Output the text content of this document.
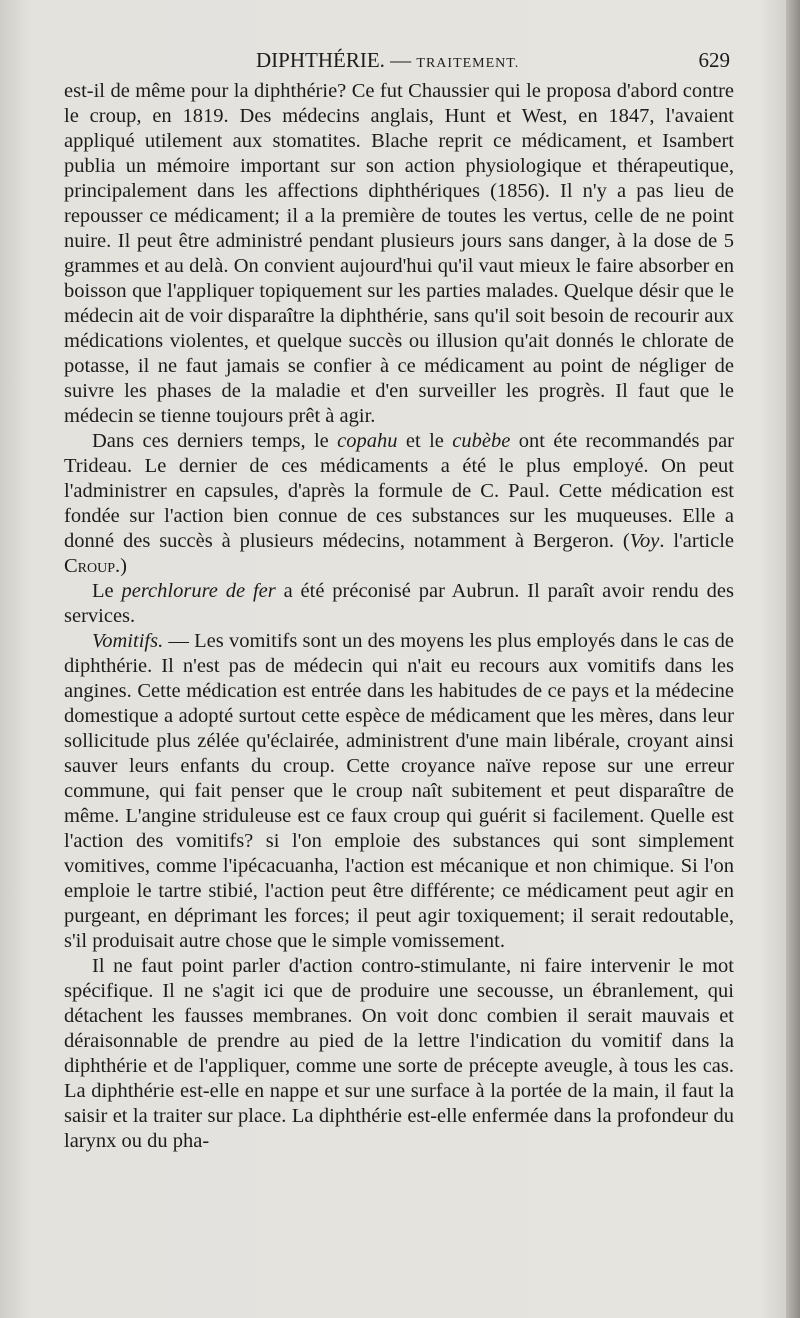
DIPHTHÉRIE. — TRAITEMENT.	629

est-il de même pour la diphthérie? Ce fut Chaussier qui le proposa d'abord contre le croup, en 1819. Des médecins anglais, Hunt et West, en 1847, l'avaient appliqué utilement aux stomatites. Blache reprit ce médicament, et Isambert publia un mémoire important sur son action physiologique et thérapeutique, principalement dans les affections diphthériques (1856). Il n'y a pas lieu de repousser ce médicament; il a la première de toutes les vertus, celle de ne point nuire. Il peut être administré pendant plusieurs jours sans danger, à la dose de 5 grammes et au delà. On convient aujourd'hui qu'il vaut mieux le faire absorber en boisson que l'appliquer topiquement sur les parties malades. Quelque désir que le médecin ait de voir disparaître la diphthérie, sans qu'il soit besoin de recourir aux médications violentes, et quelque succès ou illusion qu'ait donnés le chlorate de potasse, il ne faut jamais se confier à ce médicament au point de négliger de suivre les phases de la maladie et d'en surveiller les progrès. Il faut que le médecin se tienne toujours prêt à agir.

Dans ces derniers temps, le copahu et le cubèbe ont éte recommandés par Trideau. Le dernier de ces médicaments a été le plus employé. On peut l'administrer en capsules, d'après la formule de C. Paul. Cette médication est fondée sur l'action bien connue de ces substances sur les muqueuses. Elle a donné des succès à plusieurs médecins, notamment à Bergeron. (Voy. l'article Croup.)

Le perchlorure de fer a été préconisé par Aubrun. Il paraît avoir rendu des services.

Vomitifs. — Les vomitifs sont un des moyens les plus employés dans le cas de diphthérie. Il n'est pas de médecin qui n'ait eu recours aux vomitifs dans les angines. Cette médication est entrée dans les habitudes de ce pays et la médecine domestique a adopté surtout cette espèce de médicament que les mères, dans leur sollicitude plus zélée qu'éclairée, administrent d'une main libérale, croyant ainsi sauver leurs enfants du croup. Cette croyance naïve repose sur une erreur commune, qui fait penser que le croup naît subitement et peut disparaître de même. L'angine striduleuse est ce faux croup qui guérit si facilement. Quelle est l'action des vomitifs? si l'on emploie des substances qui sont simplement vomitives, comme l'ipécacuanha, l'action est mécanique et non chimique. Si l'on emploie le tartre stibié, l'action peut être différente; ce médicament peut agir en purgeant, en déprimant les forces; il peut agir toxiquement; il serait redoutable, s'il produisait autre chose que le simple vomissement.

Il ne faut point parler d'action contro-stimulante, ni faire intervenir le mot spécifique. Il ne s'agit ici que de produire une secousse, un ébranlement, qui détachent les fausses membranes. On voit donc combien il serait mauvais et déraisonnable de prendre au pied de la lettre l'indication du vomitif dans la diphthérie et de l'appliquer, comme une sorte de précepte aveugle, à tous les cas. La diphthérie est-elle en nappe et sur une surface à la portée de la main, il faut la saisir et la traiter sur place. La diphthérie est-elle enfermée dans la profondeur du larynx ou du pha-
